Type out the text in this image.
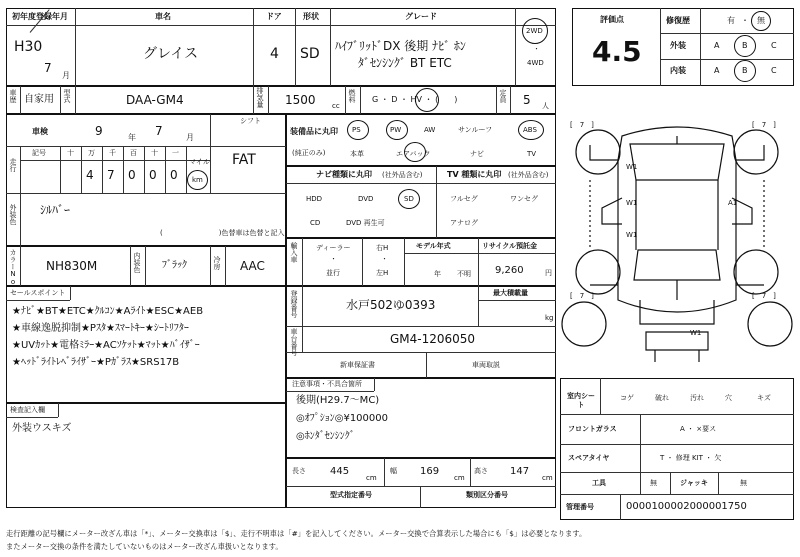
初年度登録年月
H30
7
月
車名
グレイス
ドア
4
形状
SD
グレード
ﾊｲﾌﾞﾘｯﾄﾞDX 後期 ﾅﾋﾞ ﾎﾝ
ﾀﾞｾﾝｼﾝｸﾞ BT ETC
2WD
・
4WD
評価点
4.5
修復歴	有 ・ 無
外装	A	B	C
内装	A	B	C
車歴 自家用 型式	DAA-GM4	排気量 1500 cc
燃料 G ・ D ・ HV ・ (　　)	定員 5 人
車検	9	年 7	月
シフト
FAT
走行
記号	十 万 千 百 十 一
4 7 0 0 0
マイル
km
外装色 ｼﾙﾊﾞｰ
(　　　　　　　　)色替車は色替と記入
カラーNo. NH830M	内装色 ﾌﾞﾗｯｸ	冷房 AAC
装備品に丸印
(純正のみ)
PS	PW	AW	サンルーフ	ABS
本革	エアバック	ナビ	TV
ナビ種類に丸印 (社外品含む)	TV 種類に丸印 (社外品含む)
HDD	DVD	SD
CD	DVD 再生可
フルセグ	ワンセグ
アナログ
輸入車	ディーラー
・
並行
右H
・
左H
モデル年式
年 不明
リサイクル預託金
9,260	円
セールスポイント
★ﾅﾋﾞ★BT★ETC★ｸﾙｺﾝ★Aﾗｲﾄ★ESC★AEB
★車線逸脱抑制★Pｽﾀ★ｽﾏｰﾄｷｰ★ｼｰﾄﾘﾌﾀｰ
★UVｶｯﾄ★電格ﾐﾗｰ★ACｿｹｯﾄ★ﾏｯﾄ★ﾊﾞｲｻﾞｰ
★ﾍｯﾄﾞﾗｲﾄﾚﾍﾞﾗｲｻﾞｰ★Pｶﾞﾗｽ★SRS17B
登録番号	水戸502ゆ0393
最大積載量
kg
車台番号	GM4-1206050
新車保証書	車両取説
注意事項・不具合箇所
後期(H29.7〜MC)
◎ｵﾌﾟｼｮﾝ◎¥100000
◎ﾎﾝﾀﾞｾﾝｼﾝｸﾞ
検査記入欄
外装ウスキズ
長さ 445
cm
幅 169
cm
高さ 147
cm
型式指定番号	類別区分番号
[　7　]	[　7　]
[　7　]	[　7　]
W1
W1
W1
A1
W1
室内シート
コゲ	破れ	汚れ	穴	キズ
フロントガラス	A ・ ×要ス
スペアタイヤ	T ・ 修理 KIT ・ 欠
工具	無	ジャッキ	無
管理番号	0000100002000001750
走行距離の記号欄にメーター改ざん車は「*」、メーター交換車は「$」、走行不明車は「#」を記入してください。メーター交換で合算表示した場合にも「$」は必要となります。
またメーター交換の条件を満たしていないものはメーター改ざん車扱いとなります。
